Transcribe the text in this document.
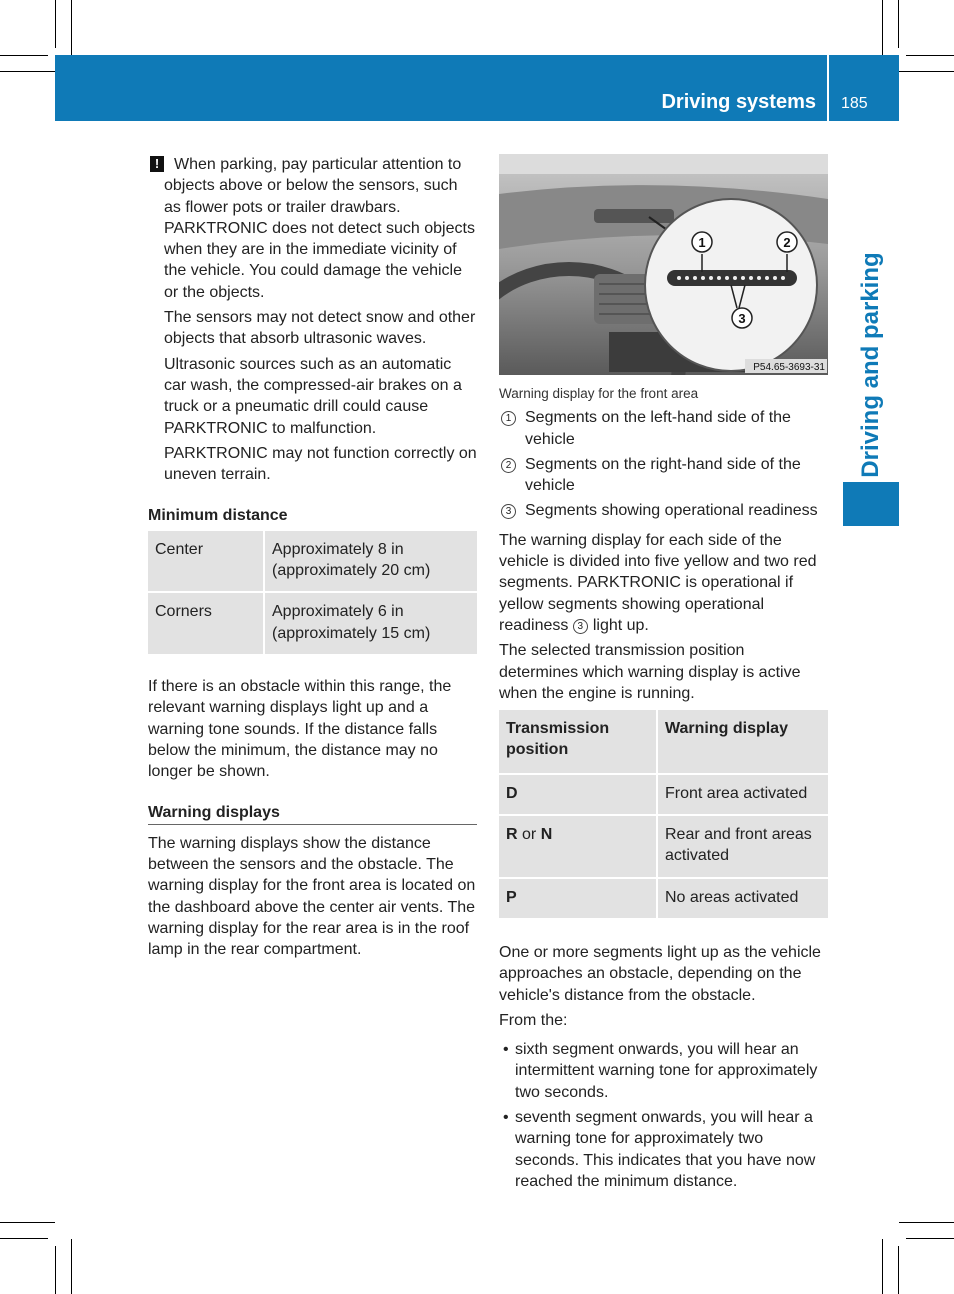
Driving systems 185
Driving and parking
! When parking, pay particular attention to objects above or below the sensors, such as flower pots or trailer drawbars. PARKTRONIC does not detect such objects when they are in the immediate vicinity of the vehicle. You could damage the vehicle or the objects.

The sensors may not detect snow and other objects that absorb ultrasonic waves.

Ultrasonic sources such as an automatic car wash, the compressed-air brakes on a truck or a pneumatic drill could cause PARKTRONIC to malfunction.

PARKTRONIC may not function correctly on uneven terrain.

Minimum distance

Center	Approximately 8 in (approximately 20 cm)
Corners	Approximately 6 in (approximately 15 cm)

If there is an obstacle within this range, the relevant warning displays light up and a warning tone sounds. If the distance falls below the minimum, the distance may no longer be shown.

Warning displays

The warning displays show the distance between the sensors and the obstacle. The warning display for the front area is located on the dashboard above the center air vents. The warning display for the rear area is in the roof lamp in the rear compartment.

1	2
3
P54.65-3693-31

Warning display for the front area

1 Segments on the left-hand side of the vehicle

2 Segments on the right-hand side of the vehicle

3 Segments showing operational readiness

The warning display for each side of the vehicle is divided into five yellow and two red segments. PARKTRONIC is operational if yellow segments showing operational readiness 3 light up.

The selected transmission position determines which warning display is active when the engine is running.

Transmission position	Warning display
D	Front area activated
R or N	Rear and front areas activated
P	No areas activated

One or more segments light up as the vehicle approaches an obstacle, depending on the vehicle's distance from the obstacle.

From the:

• sixth segment onwards, you will hear an intermittent warning tone for approximately two seconds.

• seventh segment onwards, you will hear a warning tone for approximately two seconds. This indicates that you have now reached the minimum distance.
